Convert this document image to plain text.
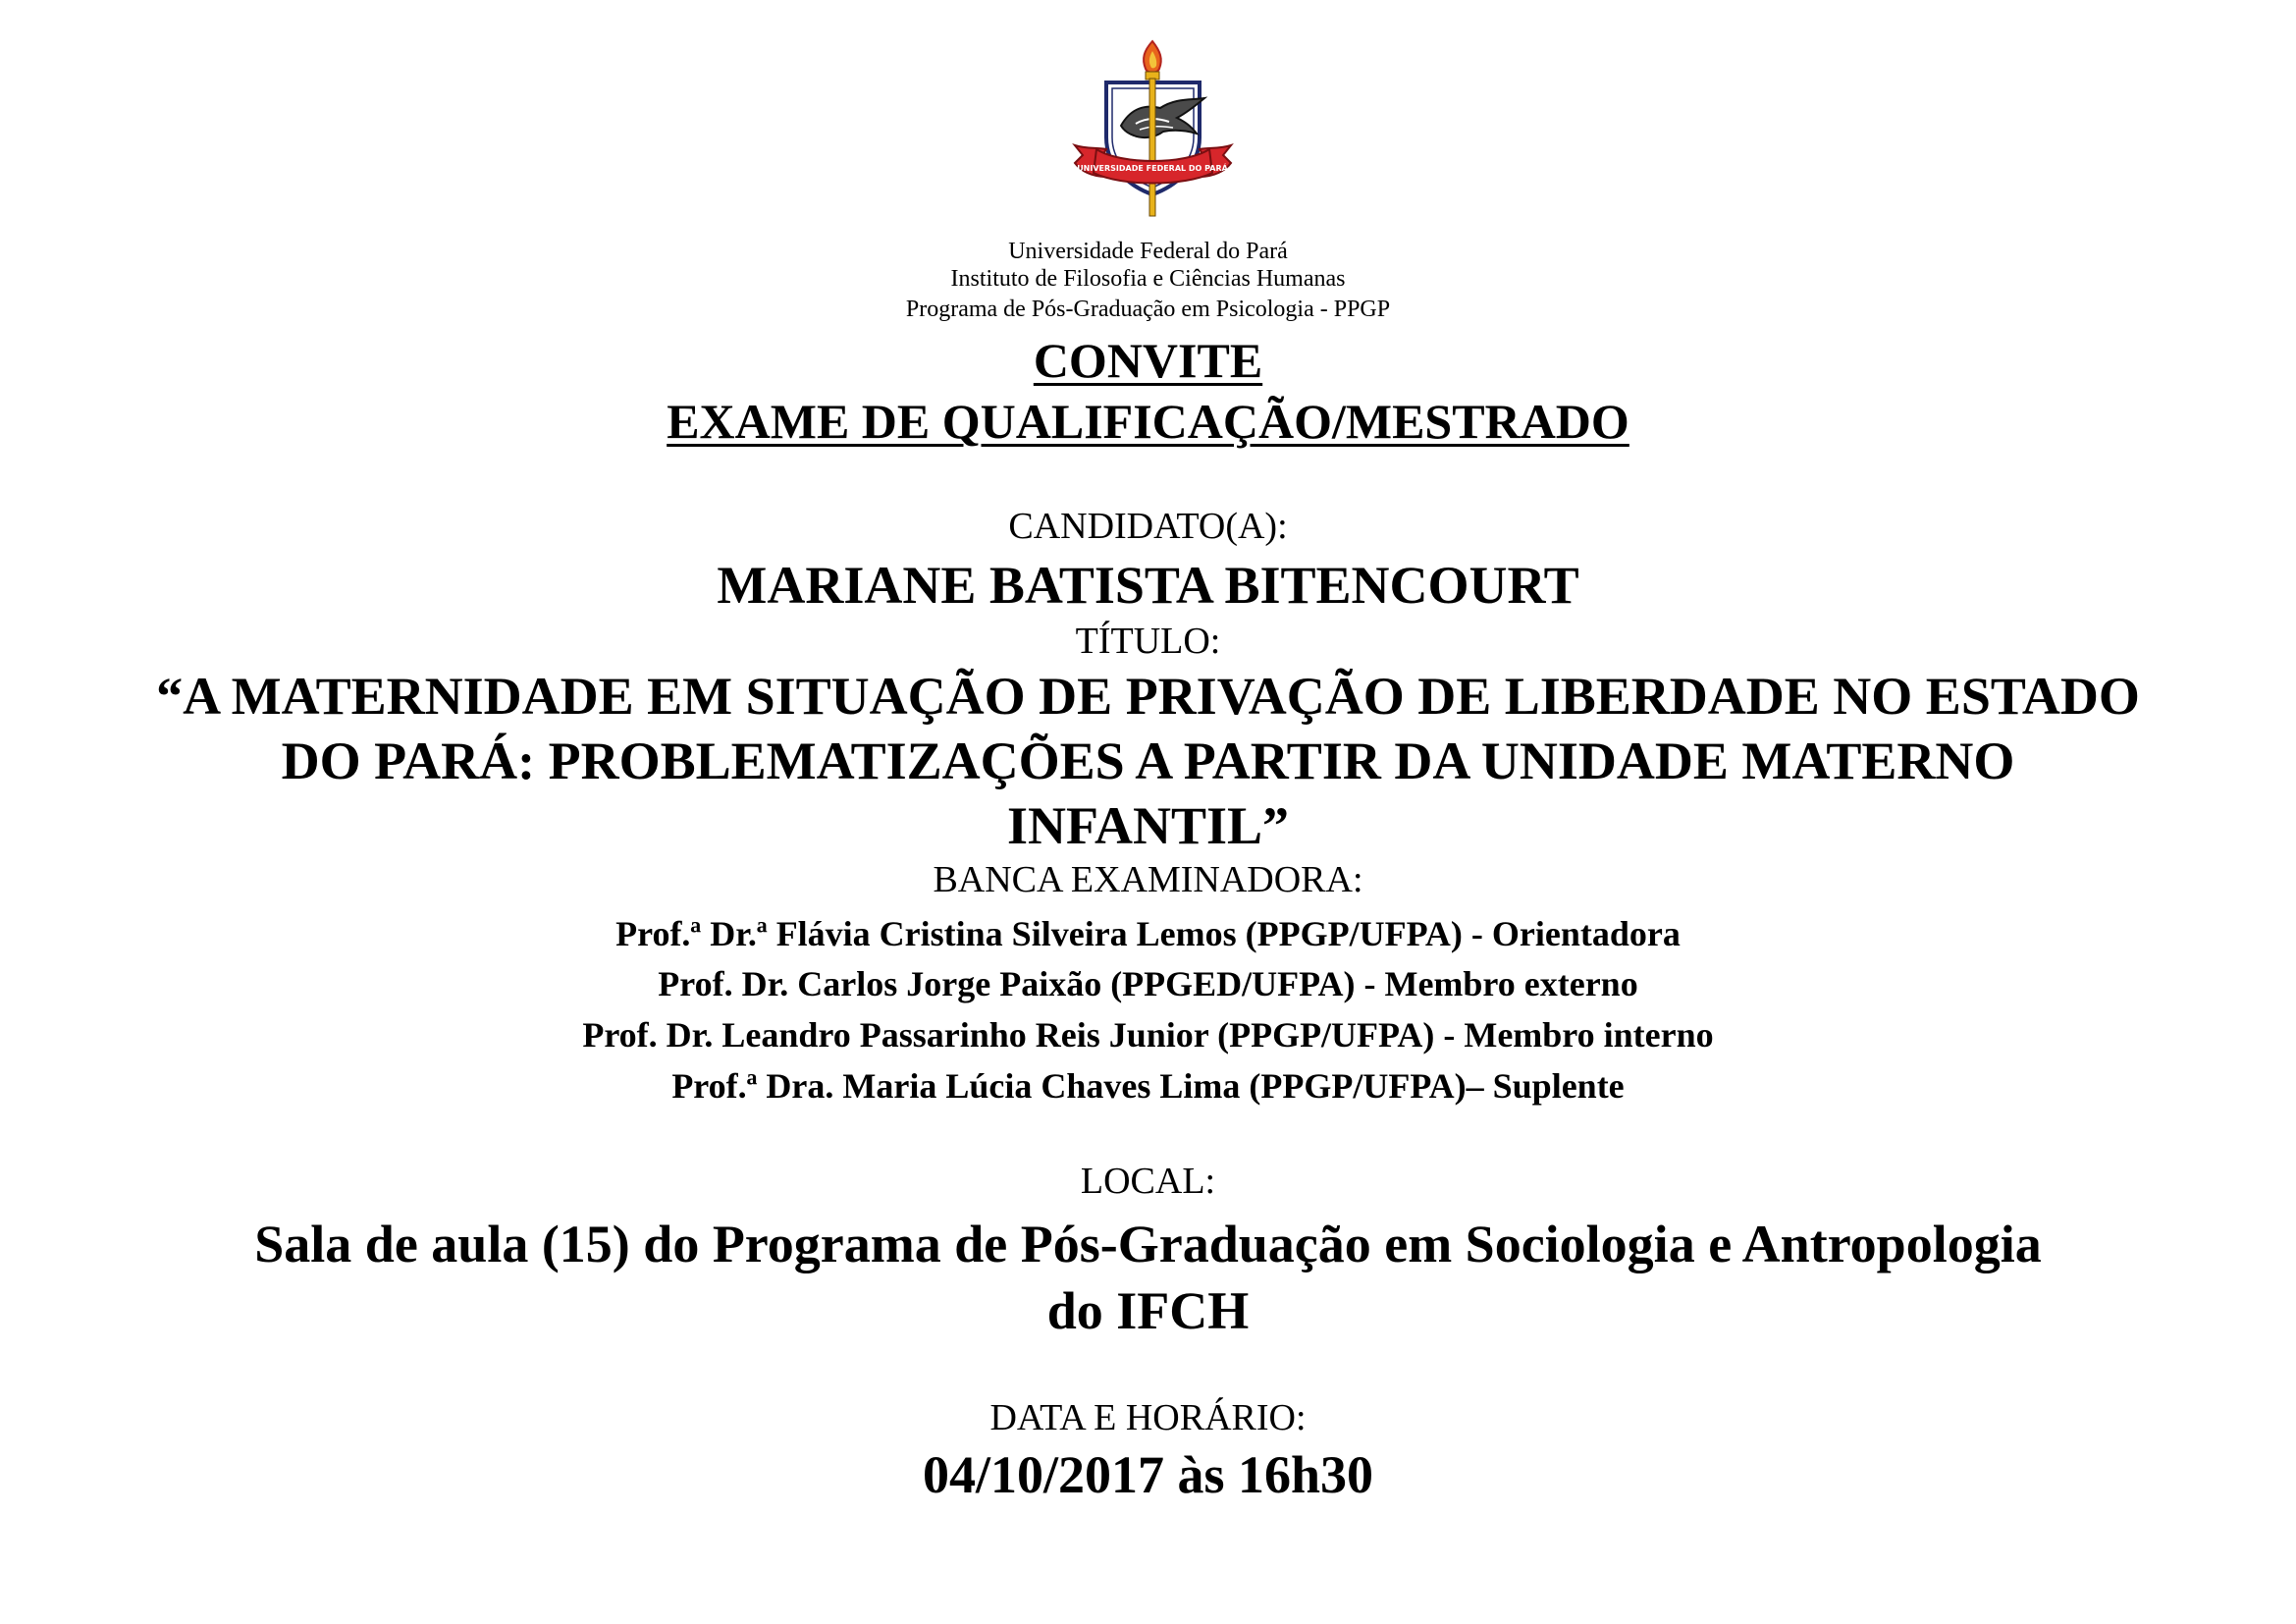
UNIVERSIDADE FEDERAL DO PARÁ
Universidade Federal do Pará
Instituto de Filosofia e Ciências Humanas
Programa de Pós-Graduação em Psicologia - PPGP
CONVITE
EXAME DE QUALIFICAÇÃO/MESTRADO
CANDIDATO(A):
MARIANE BATISTA BITENCOURT
TÍTULO:
“A MATERNIDADE EM SITUAÇÃO DE PRIVAÇÃO DE LIBERDADE NO ESTADO
DO PARÁ: PROBLEMATIZAÇÕES A PARTIR DA UNIDADE MATERNO
INFANTIL”
BANCA EXAMINADORA:
Prof.ª Dr.ª Flávia Cristina Silveira Lemos (PPGP/UFPA) - Orientadora
Prof. Dr. Carlos Jorge Paixão (PPGED/UFPA) - Membro externo
Prof. Dr. Leandro Passarinho Reis Junior (PPGP/UFPA) - Membro interno
Prof.ª Dra. Maria Lúcia Chaves Lima (PPGP/UFPA)– Suplente
LOCAL:
Sala de aula (15) do Programa de Pós-Graduação em Sociologia e Antropologia
do IFCH
DATA E HORÁRIO:
04/10/2017 às 16h30
